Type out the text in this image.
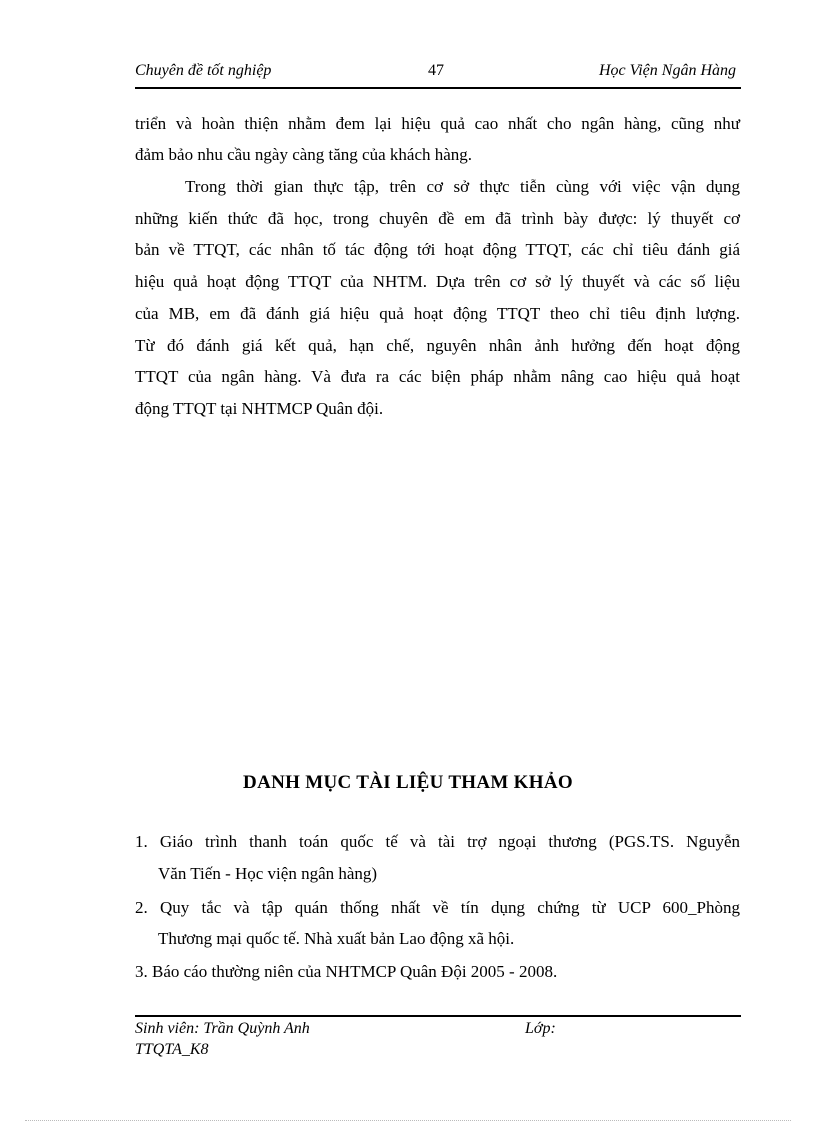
Chuyên đề tốt nghiệp	47	Học Viện Ngân Hàng
triển và hoàn thiện nhằm đem lại hiệu quả cao nhất cho ngân hàng, cũng như
đảm bảo nhu cầu ngày càng tăng của khách hàng.
Trong thời gian thực tập, trên cơ sở thực tiễn cùng với việc vận dụng
những kiến thức đã học, trong chuyên đề em đã trình bày được: lý thuyết cơ
bản về TTQT, các nhân tố tác động tới hoạt động TTQT, các chỉ tiêu đánh giá
hiệu quả hoạt động TTQT của NHTM. Dựa trên cơ sở lý thuyết và các số liệu
của MB, em đã đánh giá hiệu quả hoạt động TTQT theo chỉ tiêu định lượng.
Từ đó đánh giá kết quả, hạn chế, nguyên nhân ảnh hưởng đến hoạt động
TTQT của ngân hàng. Và đưa ra các biện pháp nhằm nâng cao hiệu quả hoạt
động TTQT tại NHTMCP Quân đội.
DANH MỤC TÀI LIỆU THAM KHẢO
1. Giáo trình thanh toán quốc tế và tài trợ ngoại thương (PGS.TS. Nguyễn
Văn Tiến - Học viện ngân hàng)
2. Quy tắc và tập quán thống nhất về tín dụng chứng từ UCP 600_Phòng
Thương mại quốc tế. Nhà xuất bản Lao động xã hội.
3. Báo cáo thường niên của NHTMCP Quân Đội 2005 - 2008.
Sinh viên: Trần Quỳnh Anh	Lớp:
TTQTA_K8
